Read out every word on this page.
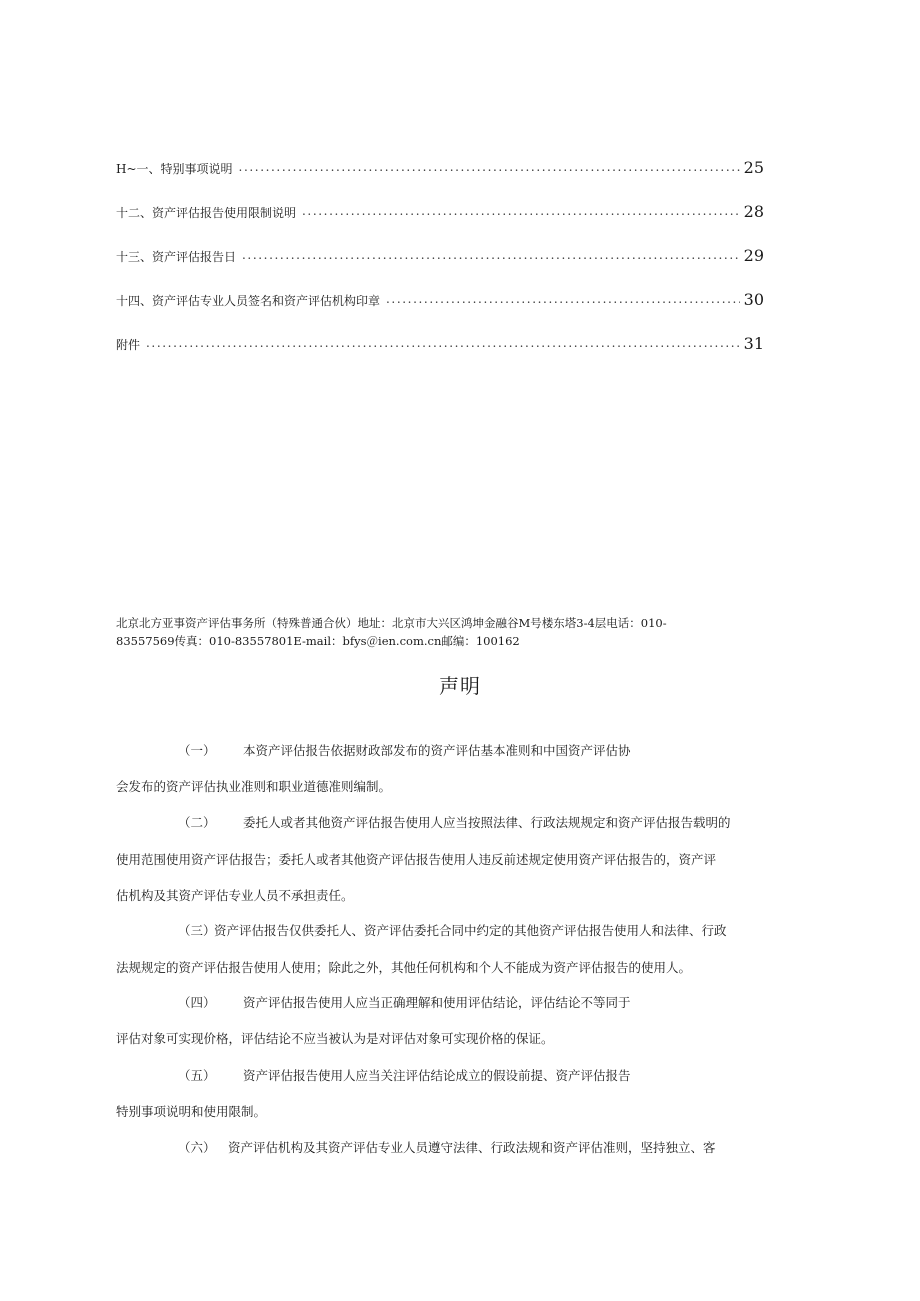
H~一、特别事项说明 .....	25
十二、资产评估报告使用限制说明 .....	28
十三、资产评估报告日 .....	29
十四、资产评估专业人员签名和资产评估机构印章 .....	30
附件 .....	31
北京北方亚事资产评估事务所（特殊普通合伙）地址：北京市大兴区鸿坤金融谷M号楼东塔3-4层电话：010-
83557569传真：010-83557801E-mail：bfys＠ien.com.cn邮编：100162
声明
（一） 本资产评估报告依据财政部发布的资产评估基本准则和中国资产评估协
会发布的资产评估执业准则和职业道德准则编制。
（二） 委托人或者其他资产评估报告使用人应当按照法律、行政法规规定和资产评估报告载明的
使用范围使用资产评估报告；委托人或者其他资产评估报告使用人违反前述规定使用资产评估报告的，资产评
估机构及其资产评估专业人员不承担责任。
（三）
资产评估报告仅供委托人、资产评估委托合同中约定的其他资产评估报告使用人和法律、行政
法规规定的资产评估报告使用人使用；除此之外，其他任何机构和个人不能成为资产评估报告的使用人。
（四） 资产评估报告使用人应当正确理解和使用评估结论，评估结论不等同于
评估对象可实现价格，评估结论不应当被认为是对评估对象可实现价格的保证。
（五） 资产评估报告使用人应当关注评估结论成立的假设前提、资产评估报告
特别事项说明和使用限制。
（六） 资产评估机构及其资产评估专业人员遵守法律、行政法规和资产评估准则，坚持独立、客
